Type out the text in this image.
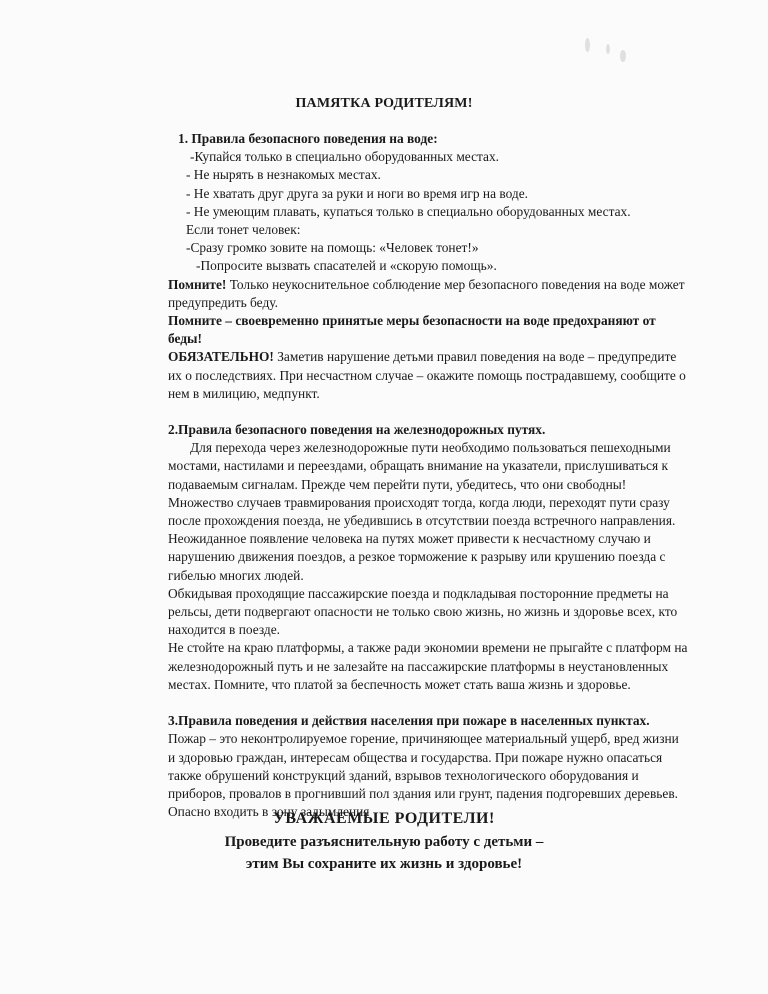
ПАМЯТКА РОДИТЕЛЯМ!

1. Правила безопасного поведения на воде:

-Купайся только в специально оборудованных местах.

- Не нырять в незнакомых местах.

- Не хватать друг друга за руки и ноги во время игр на воде.

- Не умеющим плавать, купаться только в специально оборудованных местах.

Если тонет человек:

-Сразу громко зовите на помощь: «Человек тонет!»

-Попросите вызвать спасателей и «скорую помощь».

Помните! Только неукоснительное соблюдение мер безопасного поведения на воде может

предупредить беду.

Помните – своевременно принятые меры безопасности на воде предохраняют от

беды!

ОБЯЗАТЕЛЬНО! Заметив нарушение детьми правил поведения на воде – предупредите

их о последствиях. При несчастном случае – окажите помощь пострадавшему, сообщите о

нем в милицию, медпункт.

2.Правила безопасного поведения на железнодорожных путях.

Для перехода через железнодорожные пути необходимо пользоваться пешеходными

мостами, настилами и переездами, обращать внимание на указатели, прислушиваться к

подаваемым сигналам. Прежде чем перейти пути, убедитесь, что они свободны!

Множество случаев травмирования происходят тогда, когда люди, переходят пути сразу

после прохождения поезда, не убедившись в отсутствии поезда встречного направления.

Неожиданное появление человека на путях может привести к несчастному случаю и

нарушению движения поездов, а резкое торможение к разрыву или крушению поезда с

гибелью многих людей.

Обкидывая проходящие пассажирские поезда и подкладывая посторонние предметы на

рельсы, дети подвергают опасности не только свою жизнь, но жизнь и здоровье всех, кто

находится в поезде.

Не стойте на краю платформы, а также ради экономии времени не прыгайте с платформ на

железнодорожный путь и не залезайте на пассажирские платформы в неустановленных

местах. Помните, что платой за беспечность может стать ваша жизнь и здоровье.

3.Правила поведения и действия населения при пожаре в населенных пунктах.

Пожар – это неконтролируемое горение, причиняющее материальный ущерб, вред жизни

и здоровью граждан, интересам общества и государства. При пожаре нужно опасаться

также обрушений конструкций зданий, взрывов технологического оборудования и

приборов, провалов в прогнивший пол здания или грунт, падения подгоревших деревьев.

Опасно входить в зону задымления

УВАЖАЕМЫЕ РОДИТЕЛИ!
Проведите разъяснительную работу с детьми –
этим Вы сохраните их жизнь и здоровье!
